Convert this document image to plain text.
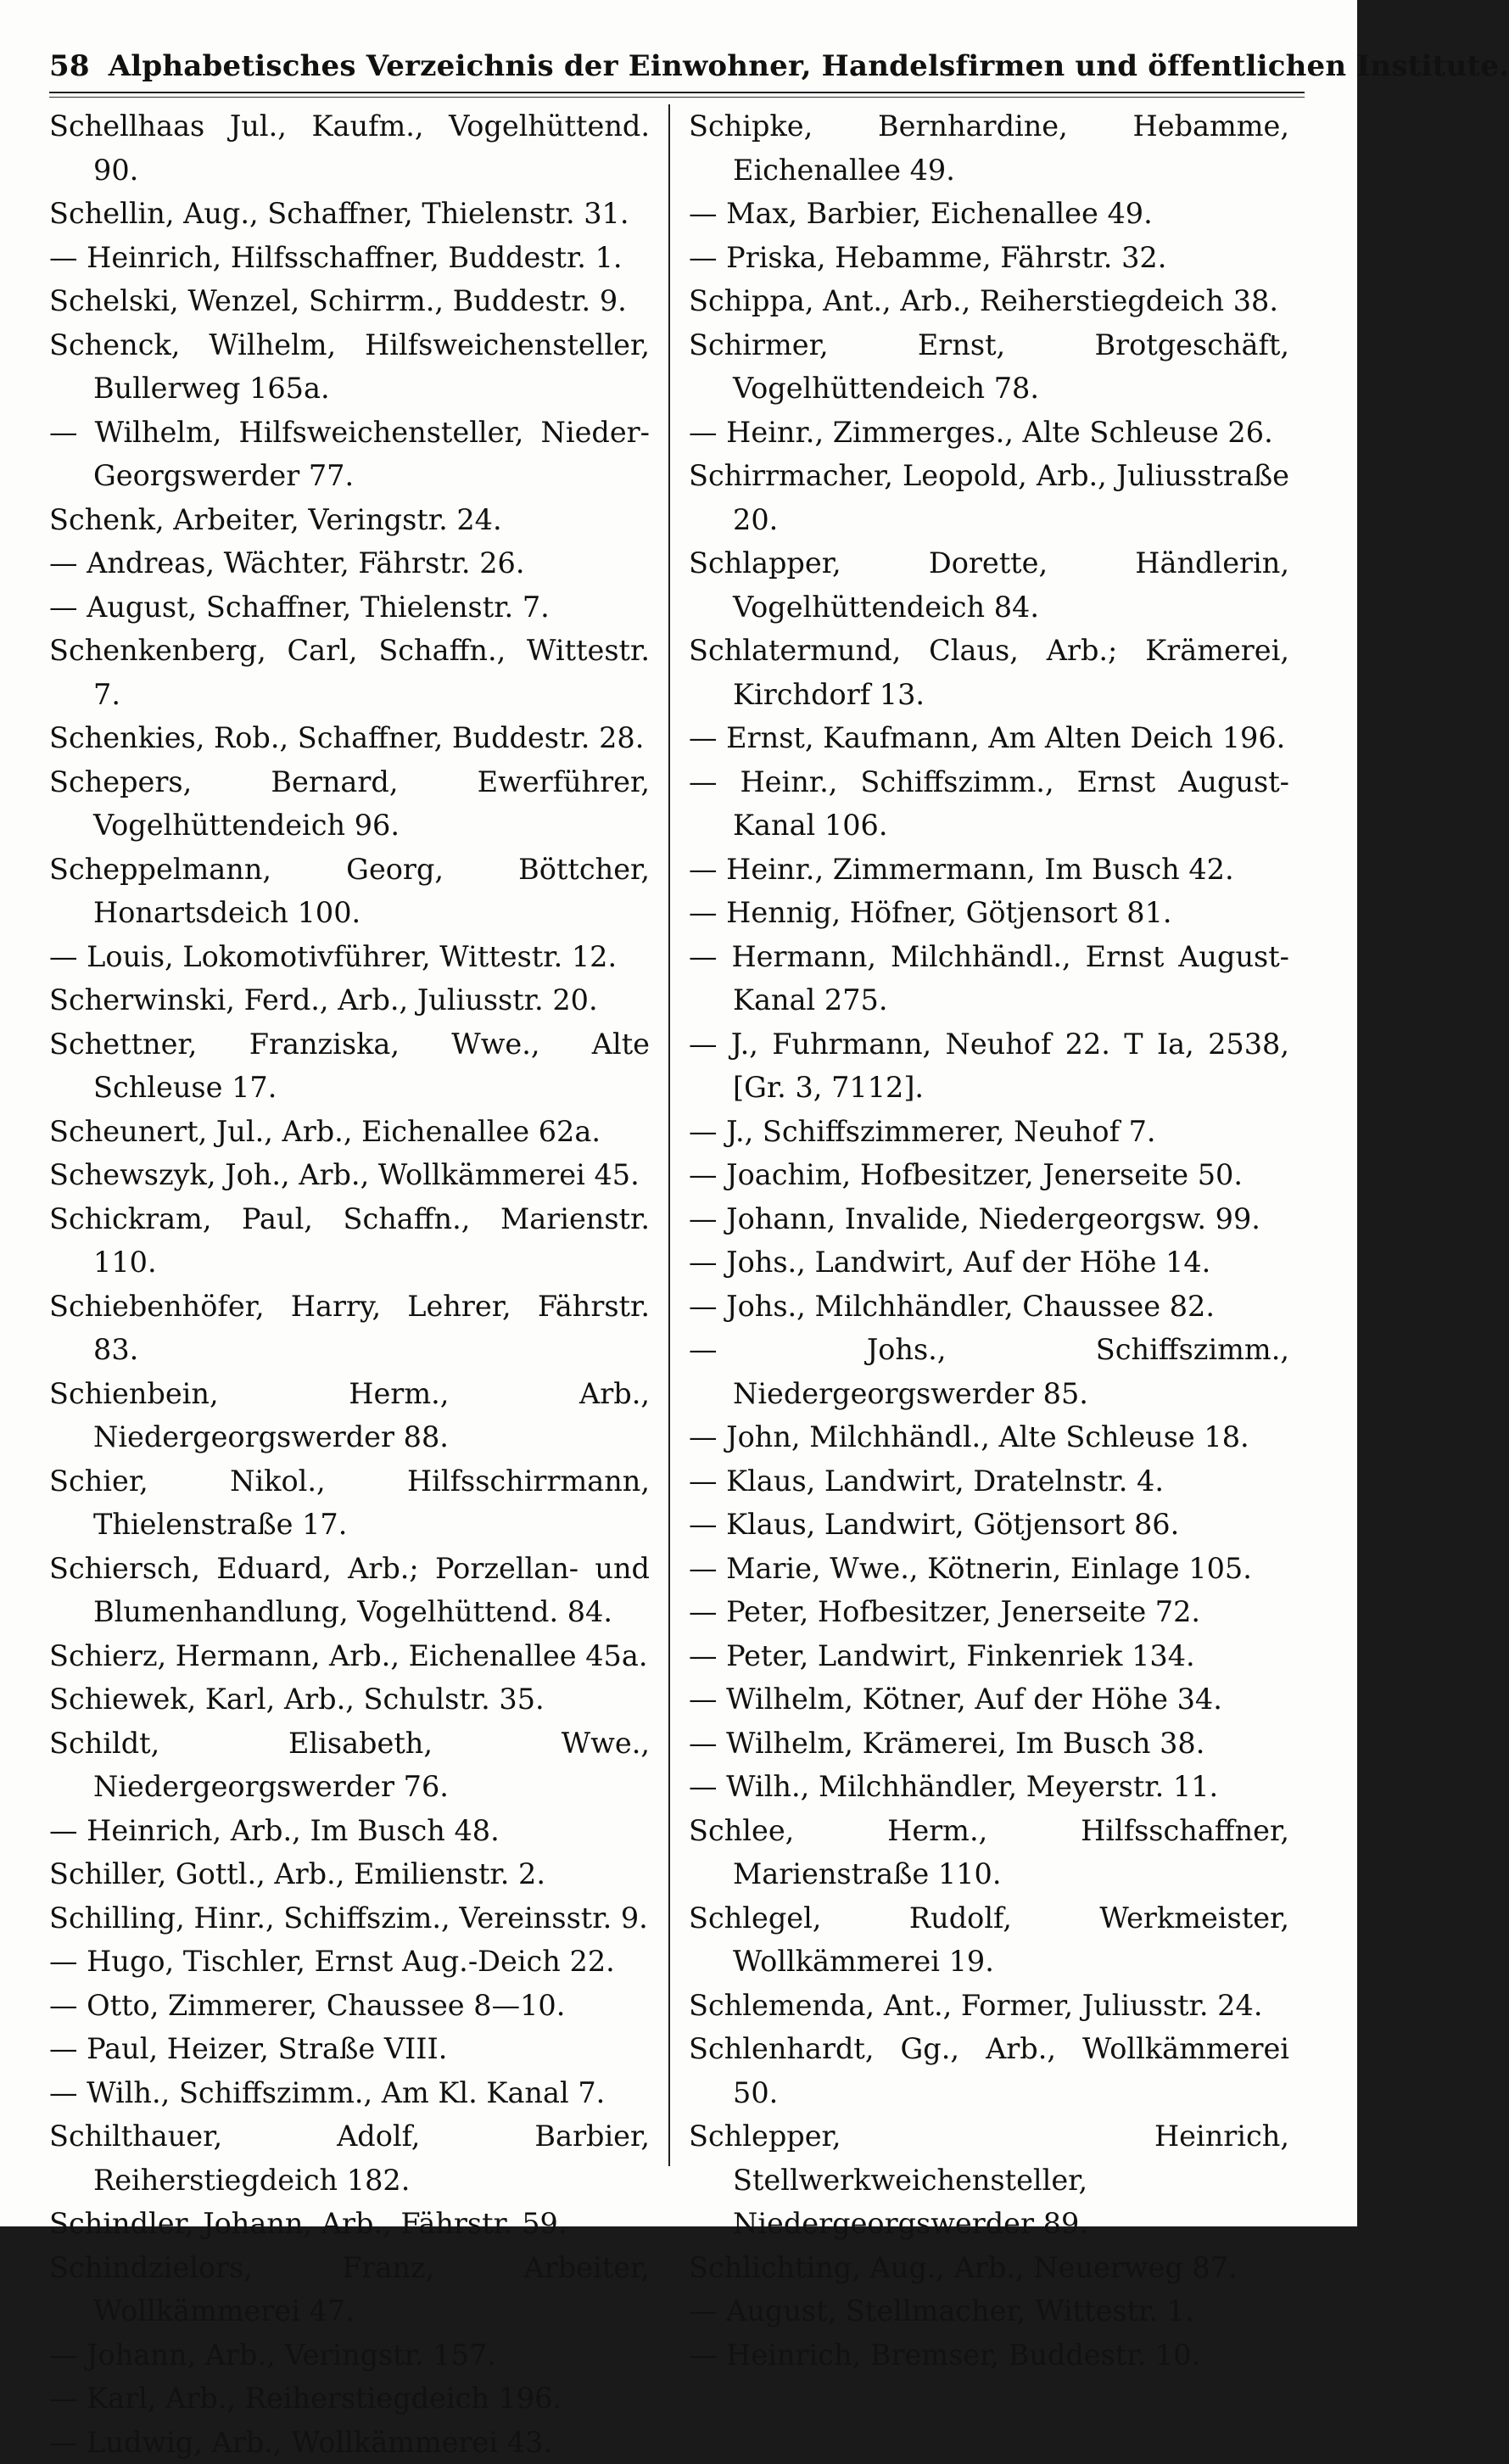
58 Alphabetisches Verzeichnis der Einwohner, Handelsfirmen und öffentlichen Institute.

Schellhaas Jul., Kaufm., Vogelhüttend. 90.

Schellin, Aug., Schaffner, Thielenstr. 31.

— Heinrich, Hilfsschaffner, Buddestr. 1.

Schelski, Wenzel, Schirrm., Buddestr. 9.

Schenck, Wilhelm, Hilfsweichensteller, Bullerweg 165a.

— Wilhelm, Hilfsweichensteller, Nieder-Georgswerder 77.

Schenk, Arbeiter, Veringstr. 24.

— Andreas, Wächter, Fährstr. 26.

— August, Schaffner, Thielenstr. 7.

Schenkenberg, Carl, Schaffn., Wittestr. 7.

Schenkies, Rob., Schaffner, Buddestr. 28.

Schepers, Bernard, Ewerführer, Vogelhüttendeich 96.

Scheppelmann, Georg, Böttcher, Honartsdeich 100.

— Louis, Lokomotivführer, Wittestr. 12.

Scherwinski, Ferd., Arb., Juliusstr. 20.

Schettner, Franziska, Wwe., Alte Schleuse 17.

Scheunert, Jul., Arb., Eichenallee 62a.

Schewszyk, Joh., Arb., Wollkämmerei 45.

Schickram, Paul, Schaffn., Marienstr. 110.

Schiebenhöfer, Harry, Lehrer, Fährstr. 83.

Schienbein, Herm., Arb., Niedergeorgswerder 88.

Schier, Nikol., Hilfsschirrmann, Thielenstraße 17.

Schiersch, Eduard, Arb.; Porzellan- und Blumenhandlung, Vogelhüttend. 84.

Schierz, Hermann, Arb., Eichenallee 45a.

Schiewek, Karl, Arb., Schulstr. 35.

Schildt, Elisabeth, Wwe., Niedergeorgswerder 76.

— Heinrich, Arb., Im Busch 48.

Schiller, Gottl., Arb., Emilienstr. 2.

Schilling, Hinr., Schiffszim., Vereinsstr. 9.

— Hugo, Tischler, Ernst Aug.-Deich 22.

— Otto, Zimmerer, Chaussee 8—10.

— Paul, Heizer, Straße VIII.

— Wilh., Schiffszimm., Am Kl. Kanal 7.

Schilthauer, Adolf, Barbier, Reiherstiegdeich 182.

Schindler, Johann, Arb., Fährstr. 59.

Schindzielors, Franz, Arbeiter, Wollkämmerei 47.

— Johann, Arb., Veringstr. 157.

— Karl, Arb., Reiherstiegdeich 196.

— Ludwig, Arb., Wollkämmerei 43.

Schipke, Bernhardine, Hebamme, Eichenallee 49.

— Max, Barbier, Eichenallee 49.

— Priska, Hebamme, Fährstr. 32.

Schippa, Ant., Arb., Reiherstiegdeich 38.

Schirmer, Ernst, Brotgeschäft, Vogelhüttendeich 78.

— Heinr., Zimmerges., Alte Schleuse 26.

Schirrmacher, Leopold, Arb., Juliusstraße 20.

Schlapper, Dorette, Händlerin, Vogelhüttendeich 84.

Schlatermund, Claus, Arb.; Krämerei, Kirchdorf 13.

— Ernst, Kaufmann, Am Alten Deich 196.

— Heinr., Schiffszimm., Ernst August-Kanal 106.

— Heinr., Zimmermann, Im Busch 42.

— Hennig, Höfner, Götjensort 81.

— Hermann, Milchhändl., Ernst August-Kanal 275.

— J., Fuhrmann, Neuhof 22. T Ia, 2538, [Gr. 3, 7112].

— J., Schiffszimmerer, Neuhof 7.

— Joachim, Hofbesitzer, Jenerseite 50.

— Johann, Invalide, Niedergeorgsw. 99.

— Johs., Landwirt, Auf der Höhe 14.

— Johs., Milchhändler, Chaussee 82.

— Johs., Schiffszimm., Niedergeorgswerder 85.

— John, Milchhändl., Alte Schleuse 18.

— Klaus, Landwirt, Dratelnstr. 4.

— Klaus, Landwirt, Götjensort 86.

— Marie, Wwe., Kötnerin, Einlage 105.

— Peter, Hofbesitzer, Jenerseite 72.

— Peter, Landwirt, Finkenriek 134.

— Wilhelm, Kötner, Auf der Höhe 34.

— Wilhelm, Krämerei, Im Busch 38.

— Wilh., Milchhändler, Meyerstr. 11.

Schlee, Herm., Hilfsschaffner, Marienstraße 110.

Schlegel, Rudolf, Werkmeister, Wollkämmerei 19.

Schlemenda, Ant., Former, Juliusstr. 24.

Schlenhardt, Gg., Arb., Wollkämmerei 50.

Schlepper, Heinrich, Stellwerkweichensteller, Niedergeorgswerder 89.

Schlichting, Aug., Arb., Neuerweg 87.

— August, Stellmacher, Wittestr. 1.

— Heinrich, Bremser, Buddestr. 10.
